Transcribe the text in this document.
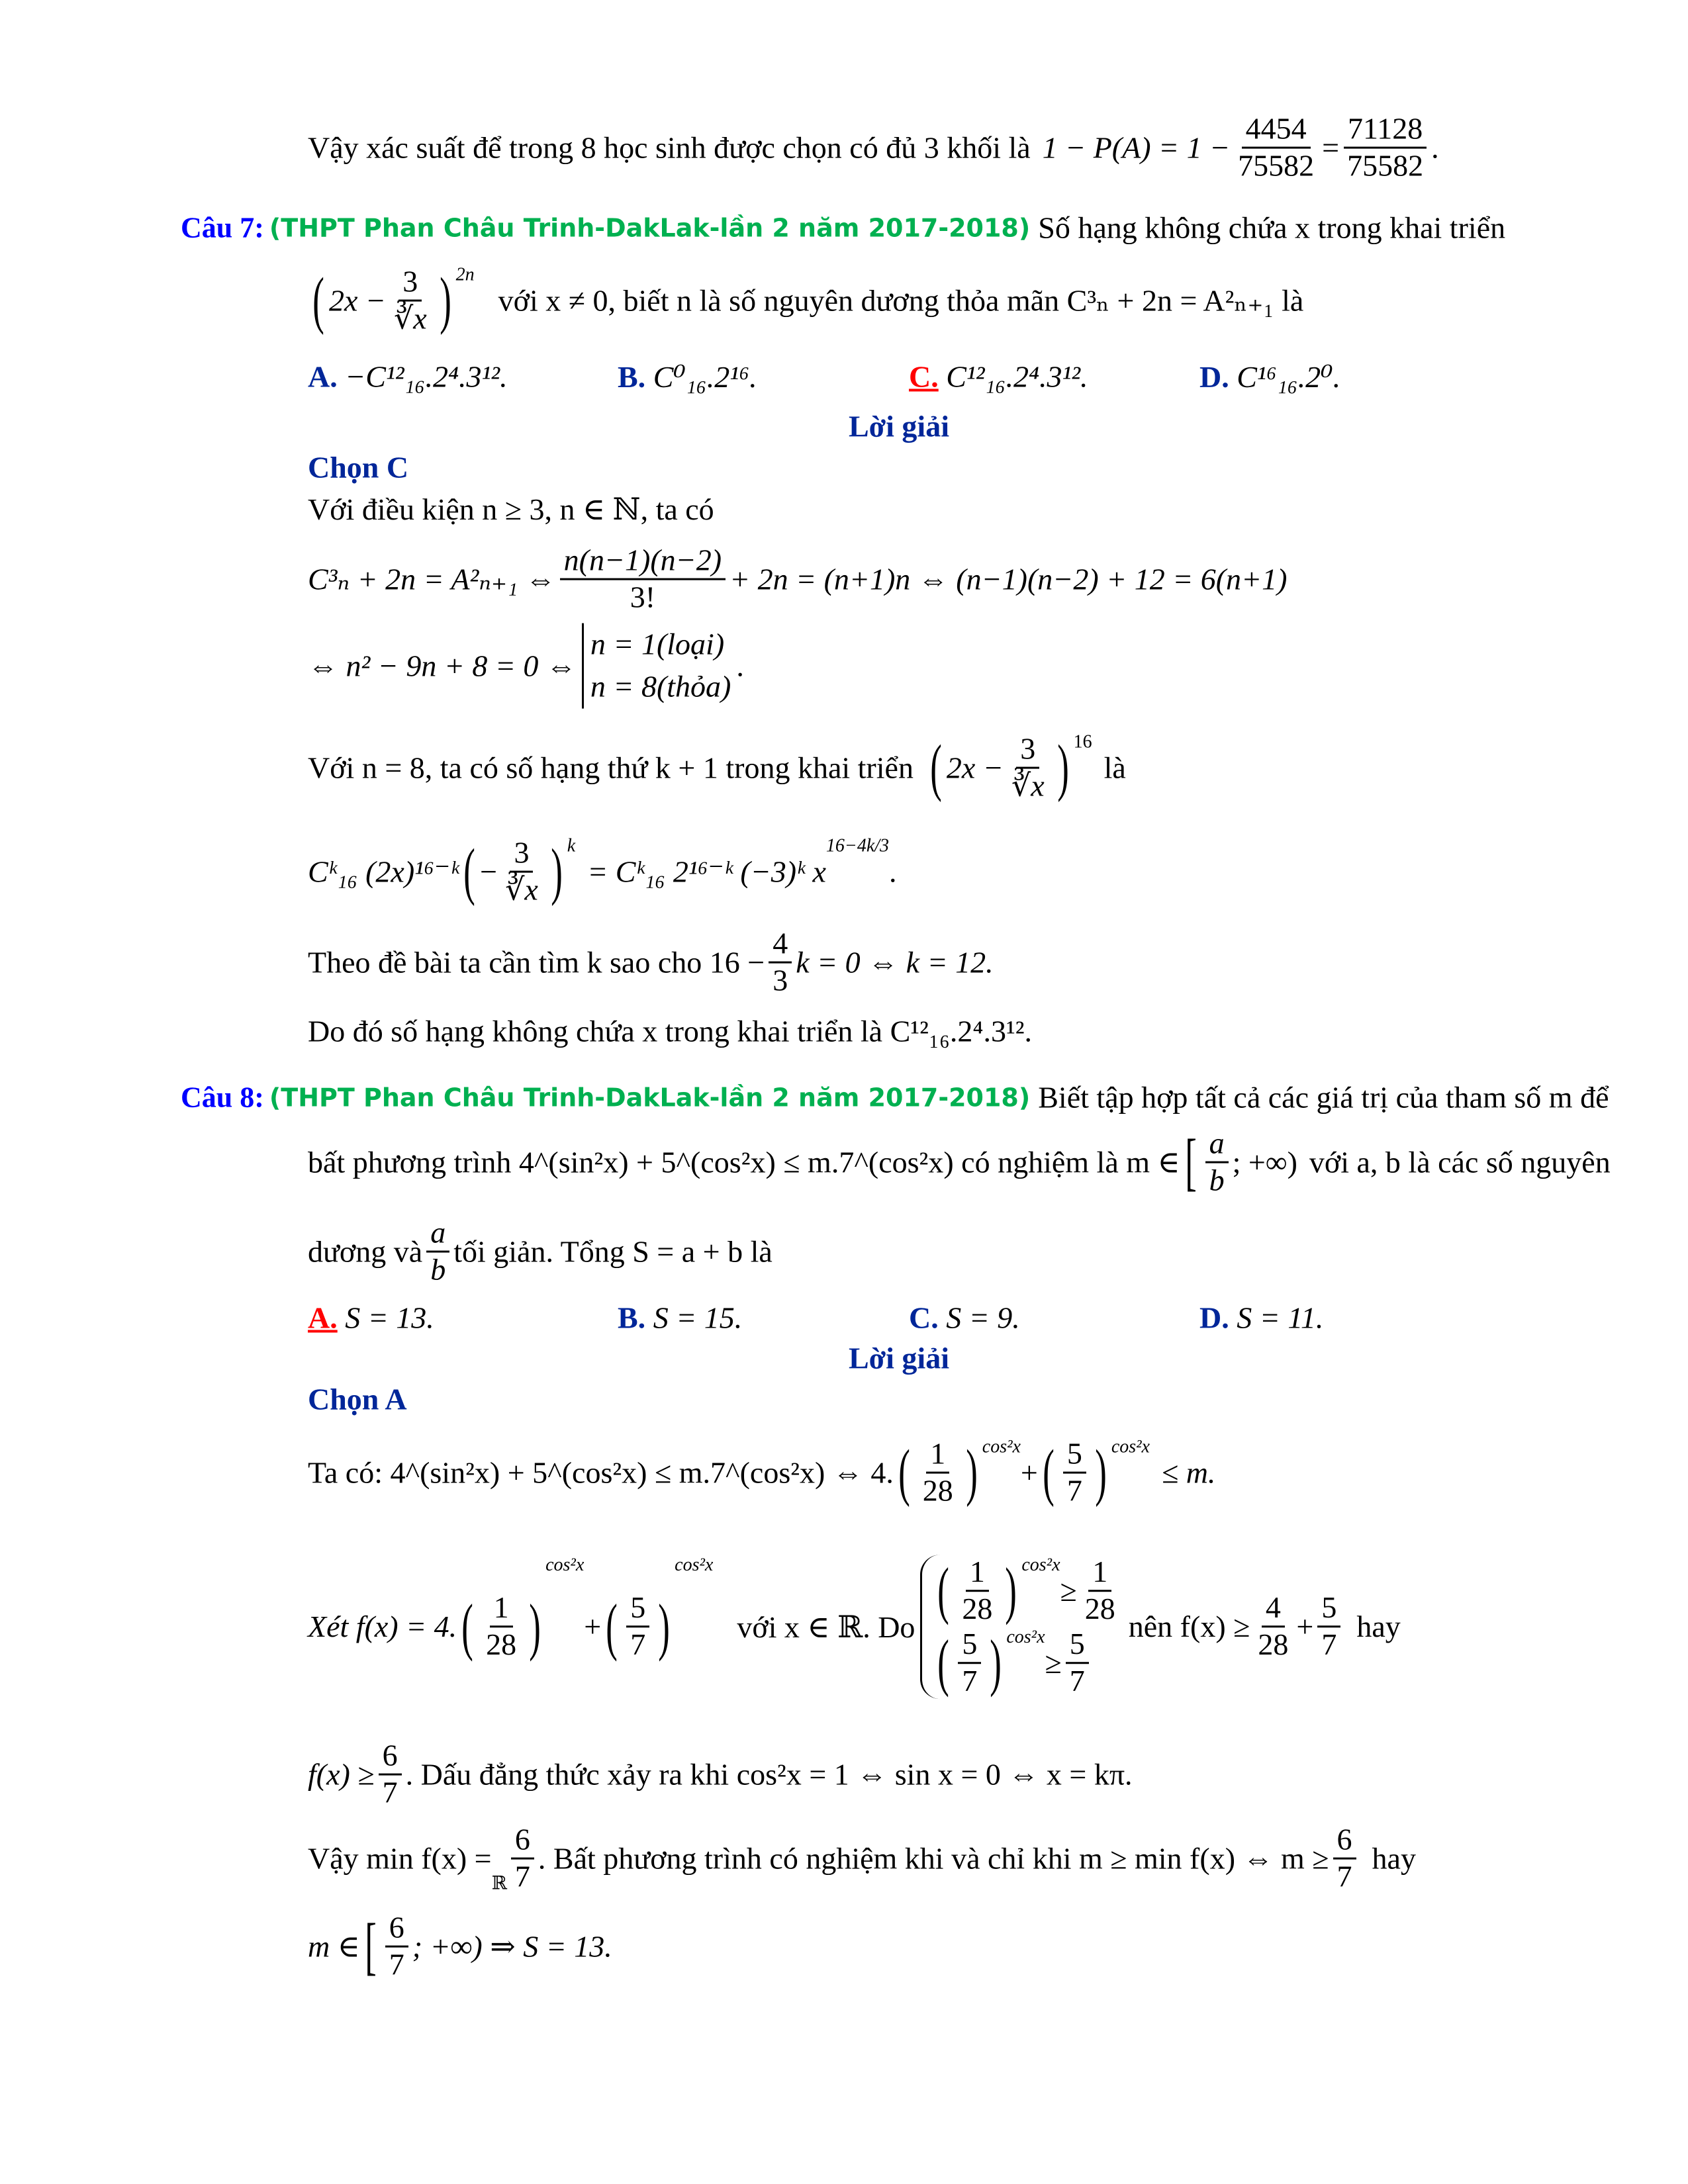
Vậy xác suất để trong 8 học sinh được chọn có đủ 3 khối là $1 - P(A) = 1 - \frac{4454}{75582} = \frac{71128}{75582}$ .
Câu 7: (THPT Phan Châu Trinh-DakLak-lần 2 năm 2017-2018) Số hạng không chứa x trong khai triển
( $2x - \frac{3}{∛x}$ ) $^{2n}$
với x ≠ 0, biết n là số nguyên dương thỏa mãn C³ₙ + 2n = A²ₙ₊₁ là
A. −C¹²₁₆.2⁴.3¹².	B. C⁰₁₆.2¹⁶.	C. C¹²₁₆.2⁴.3¹².	D. C¹⁶₁₆.2⁰.
Lời giải
Chọn C
Với điều kiện n ≥ 3, n ∈ ℕ, ta có
C³ₙ + 2n = A²ₙ₊₁ ⇔
n(n−1)(n−2)
3!
+ 2n = (n+1)n ⇔ (n−1)(n−2) + 12 = 6(n+1)
⇔ n² − 9n + 8 = 0 ⇔
n = 1(loại)
n = 8(thỏa)
.
Với n = 8, ta có số hạng thứ k + 1 trong khai triển ( $2x - \frac{3}{∛x}$ ) $^{16}$
là
Cᵏ₁₆ (2x)¹⁶⁻ᵏ ( − $\frac{3}{∛x}$ ) $^k$
= Cᵏ₁₆ 2¹⁶⁻ᵏ (−3)ᵏ x
$^{16-4k/3}$
.
Theo đề bài ta cần tìm k sao cho $16 - \frac{4}{3}$ k = 0 ⇔ k = 12.
Do đó số hạng không chứa x trong khai triển là C¹²₁₆.2⁴.3¹².
Câu 8: (THPT Phan Châu Trinh-DakLak-lần 2 năm 2017-2018) Biết tập hợp tất cả các giá trị của tham số m để
bất phương trình 4^(sin²x) + 5^(cos²x) ≤ m.7^(cos²x) có nghiệm là m ∈ [ a
b
; +∞) với a, b là các số nguyên
dương và
a
b
tối giản. Tổng S = a + b là
A. S = 13.	B. S = 15.	C. S = 9.	D. S = 11.
Lời giải
Chọn A
Ta có: 4^(sin²x) + 5^(cos²x) ≤ m.7^(cos²x) ⇔ 4. ( 1
28 ) $^{cos^2x}$
+ ( 5
7 ) $^{cos^2x}$
≤ m.
Xét f(x) = 4. ( 1
28 )
cos²x
+ ( 5
7 )
cos²x
với x ∈ ℝ. Do
( 1
28 ) $^{cos^2x}$
≥ $\frac{1}{28}$
( 5
7 ) $^{cos^2x}$
≥ $\frac{5}{7}$ nên $f(x) \ge \frac{4}{28} + \frac{5}{7}$ hay
$f(x) \ge \frac{6}{7}$ . Dấu đẳng thức xảy ra khi cos²x = 1 ⇔ sin x = 0 ⇔ x = kπ.
Vậy min f(x) =
$_ℝ$
6
7
. Bất phương trình có nghiệm khi và chỉ khi m ≥ min f(x) ⇔ $m \ge \frac{6}{7}$ hay
m ∈ [ 6
7
; +∞) ⇒ S = 13.
